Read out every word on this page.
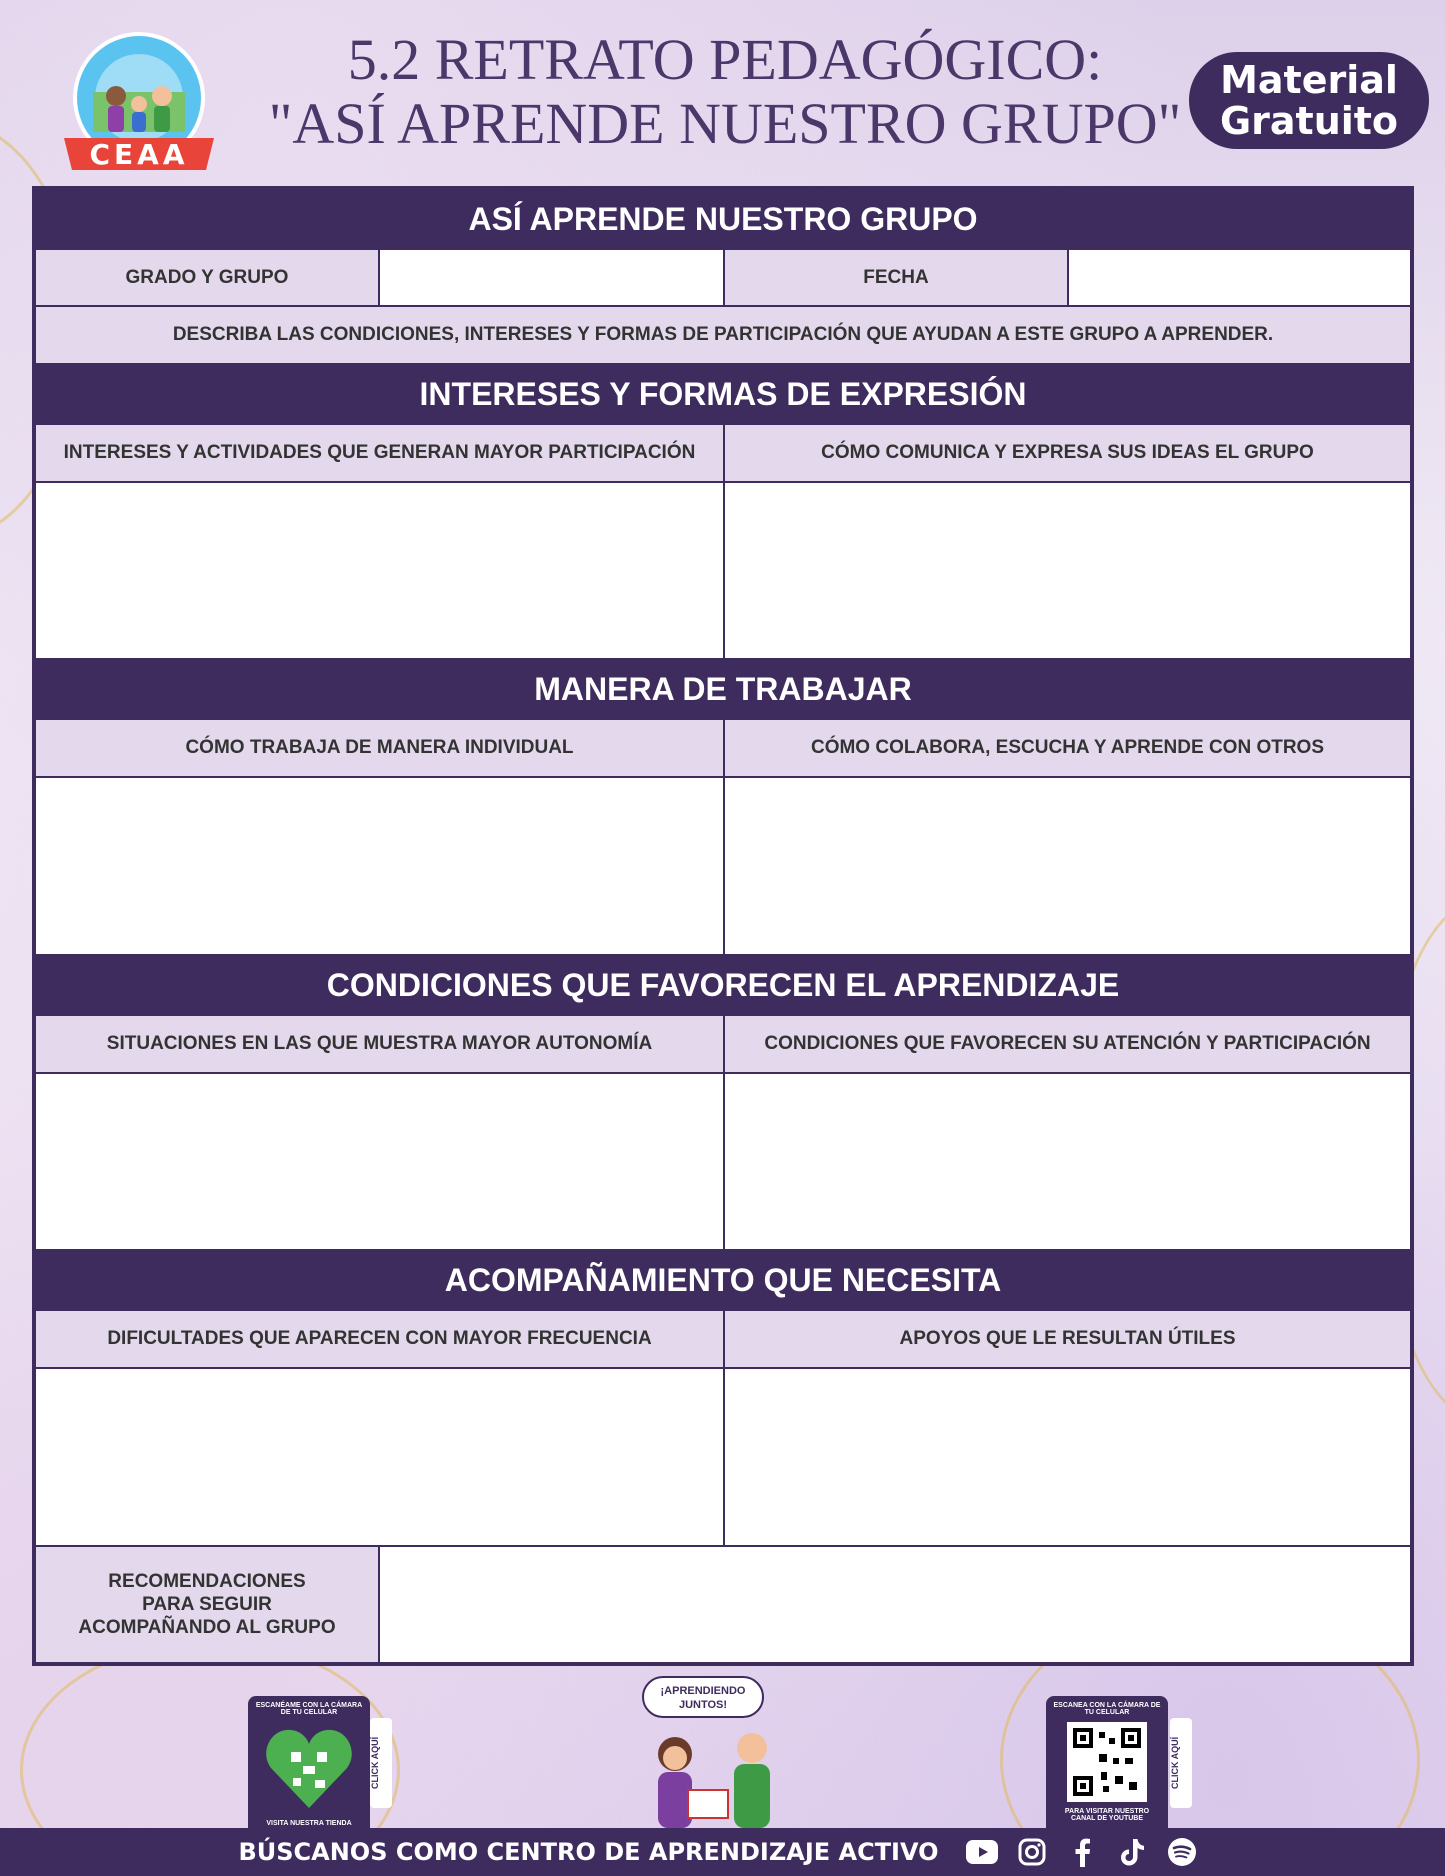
CEAA
5.2 RETRATO PEDAGÓGICO:
"ASÍ APRENDE NUESTRO GRUPO"
Material
Gratuito
ASÍ APRENDE NUESTRO GRUPO
GRADO Y GRUPO	FECHA
DESCRIBA LAS CONDICIONES, INTERESES Y FORMAS DE PARTICIPACIÓN QUE AYUDAN A ESTE GRUPO A APRENDER.
INTERESES Y FORMAS DE EXPRESIÓN
INTERESES Y ACTIVIDADES QUE GENERAN MAYOR PARTICIPACIÓN	CÓMO COMUNICA Y EXPRESA SUS IDEAS EL GRUPO
MANERA DE TRABAJAR
CÓMO TRABAJA DE MANERA INDIVIDUAL	CÓMO COLABORA, ESCUCHA Y APRENDE CON OTROS
CONDICIONES QUE FAVORECEN EL APRENDIZAJE
SITUACIONES EN LAS QUE MUESTRA MAYOR AUTONOMÍA	CONDICIONES QUE FAVORECEN SU ATENCIÓN Y PARTICIPACIÓN
ACOMPAÑAMIENTO QUE NECESITA
DIFICULTADES QUE APARECEN CON MAYOR FRECUENCIA	APOYOS QUE LE RESULTAN ÚTILES
RECOMENDACIONES
PARA SEGUIR
ACOMPAÑANDO AL GRUPO
ESCANÉAME CON LA CÁMARA DE TU CELULAR
VISITA NUESTRA TIENDA
CLICK AQUÍ
¡APRENDIENDO JUNTOS!	ESCANEA CON LA CÁMARA DE TU CELULAR
PARA VISITAR NUESTRO CANAL DE YOUTUBE
CLICK AQUÍ
BÚSCANOS COMO CENTRO DE APRENDIZAJE ACTIVO
